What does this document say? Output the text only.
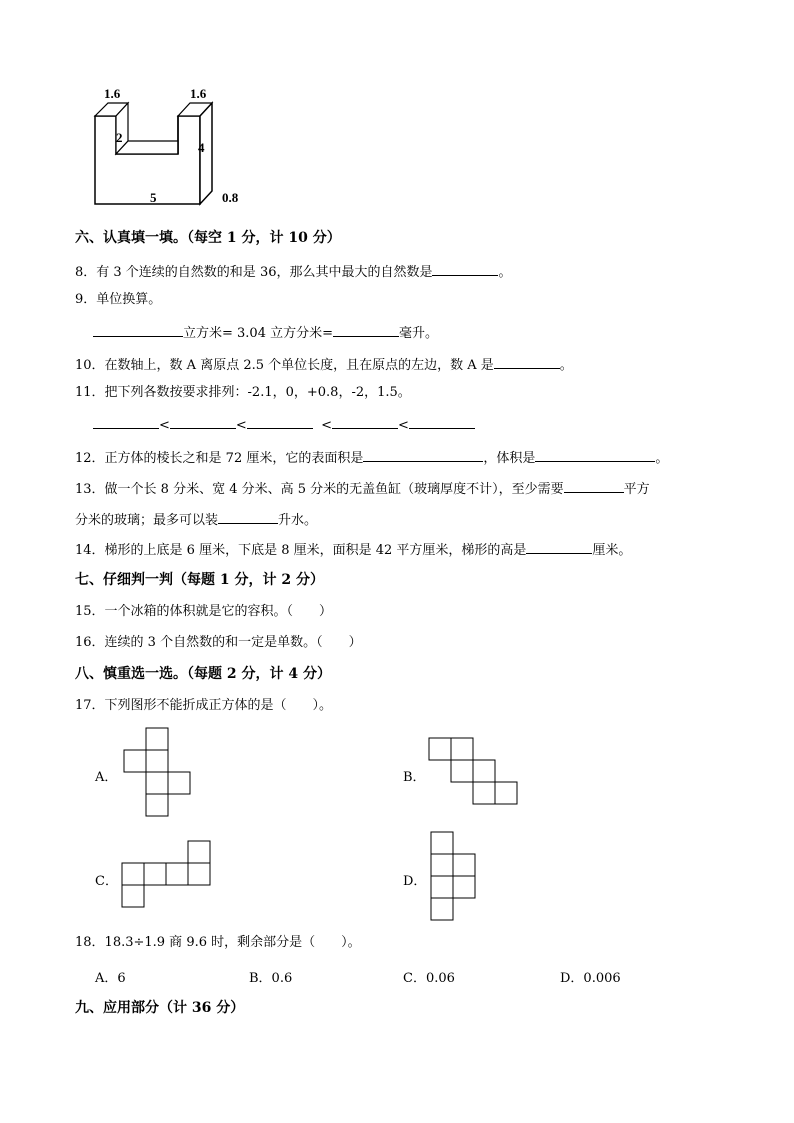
1.6	1.6
2
4
5	0.8
六、认真填一填。（每空 1 分，计 10 分）
8．有 3 个连续的自然数的和是 36，那么其中最大的自然数是	。
9．单位换算。
立方米= 3.04 立方分米=	毫升。
10．在数轴上，数 A 离原点 2.5 个单位长度，且在原点的左边，数 A 是	。
11．把下列各数按要求排列：-2.1，0，+0.8，-2，1.5。
<	<	<	<
12．正方体的棱长之和是 72 厘米，它的表面积是	，体积是	。
13．做一个长 8 分米、宽 4 分米、高 5 分米的无盖鱼缸（玻璃厚度不计），至少需要	平方
分米的玻璃；最多可以装	升水。
14．梯形的上底是 6 厘米，下底是 8 厘米，面积是 42 平方厘米，梯形的高是	厘米。
七、仔细判一判（每题 1 分，计 2 分）
15．一个冰箱的体积就是它的容积。（　　）
16．连续的 3 个自然数的和一定是单数。（　　）
八、慎重选一选。（每题 2 分，计 4 分）
17．下列图形不能折成正方体的是（　　）。
A．	B．
C．	D．
18．18.3÷1.9 商 9.6 时，剩余部分是（　　）。
A．6	B．0.6	C．0.06	D．0.006
九、应用部分（计 36 分）
